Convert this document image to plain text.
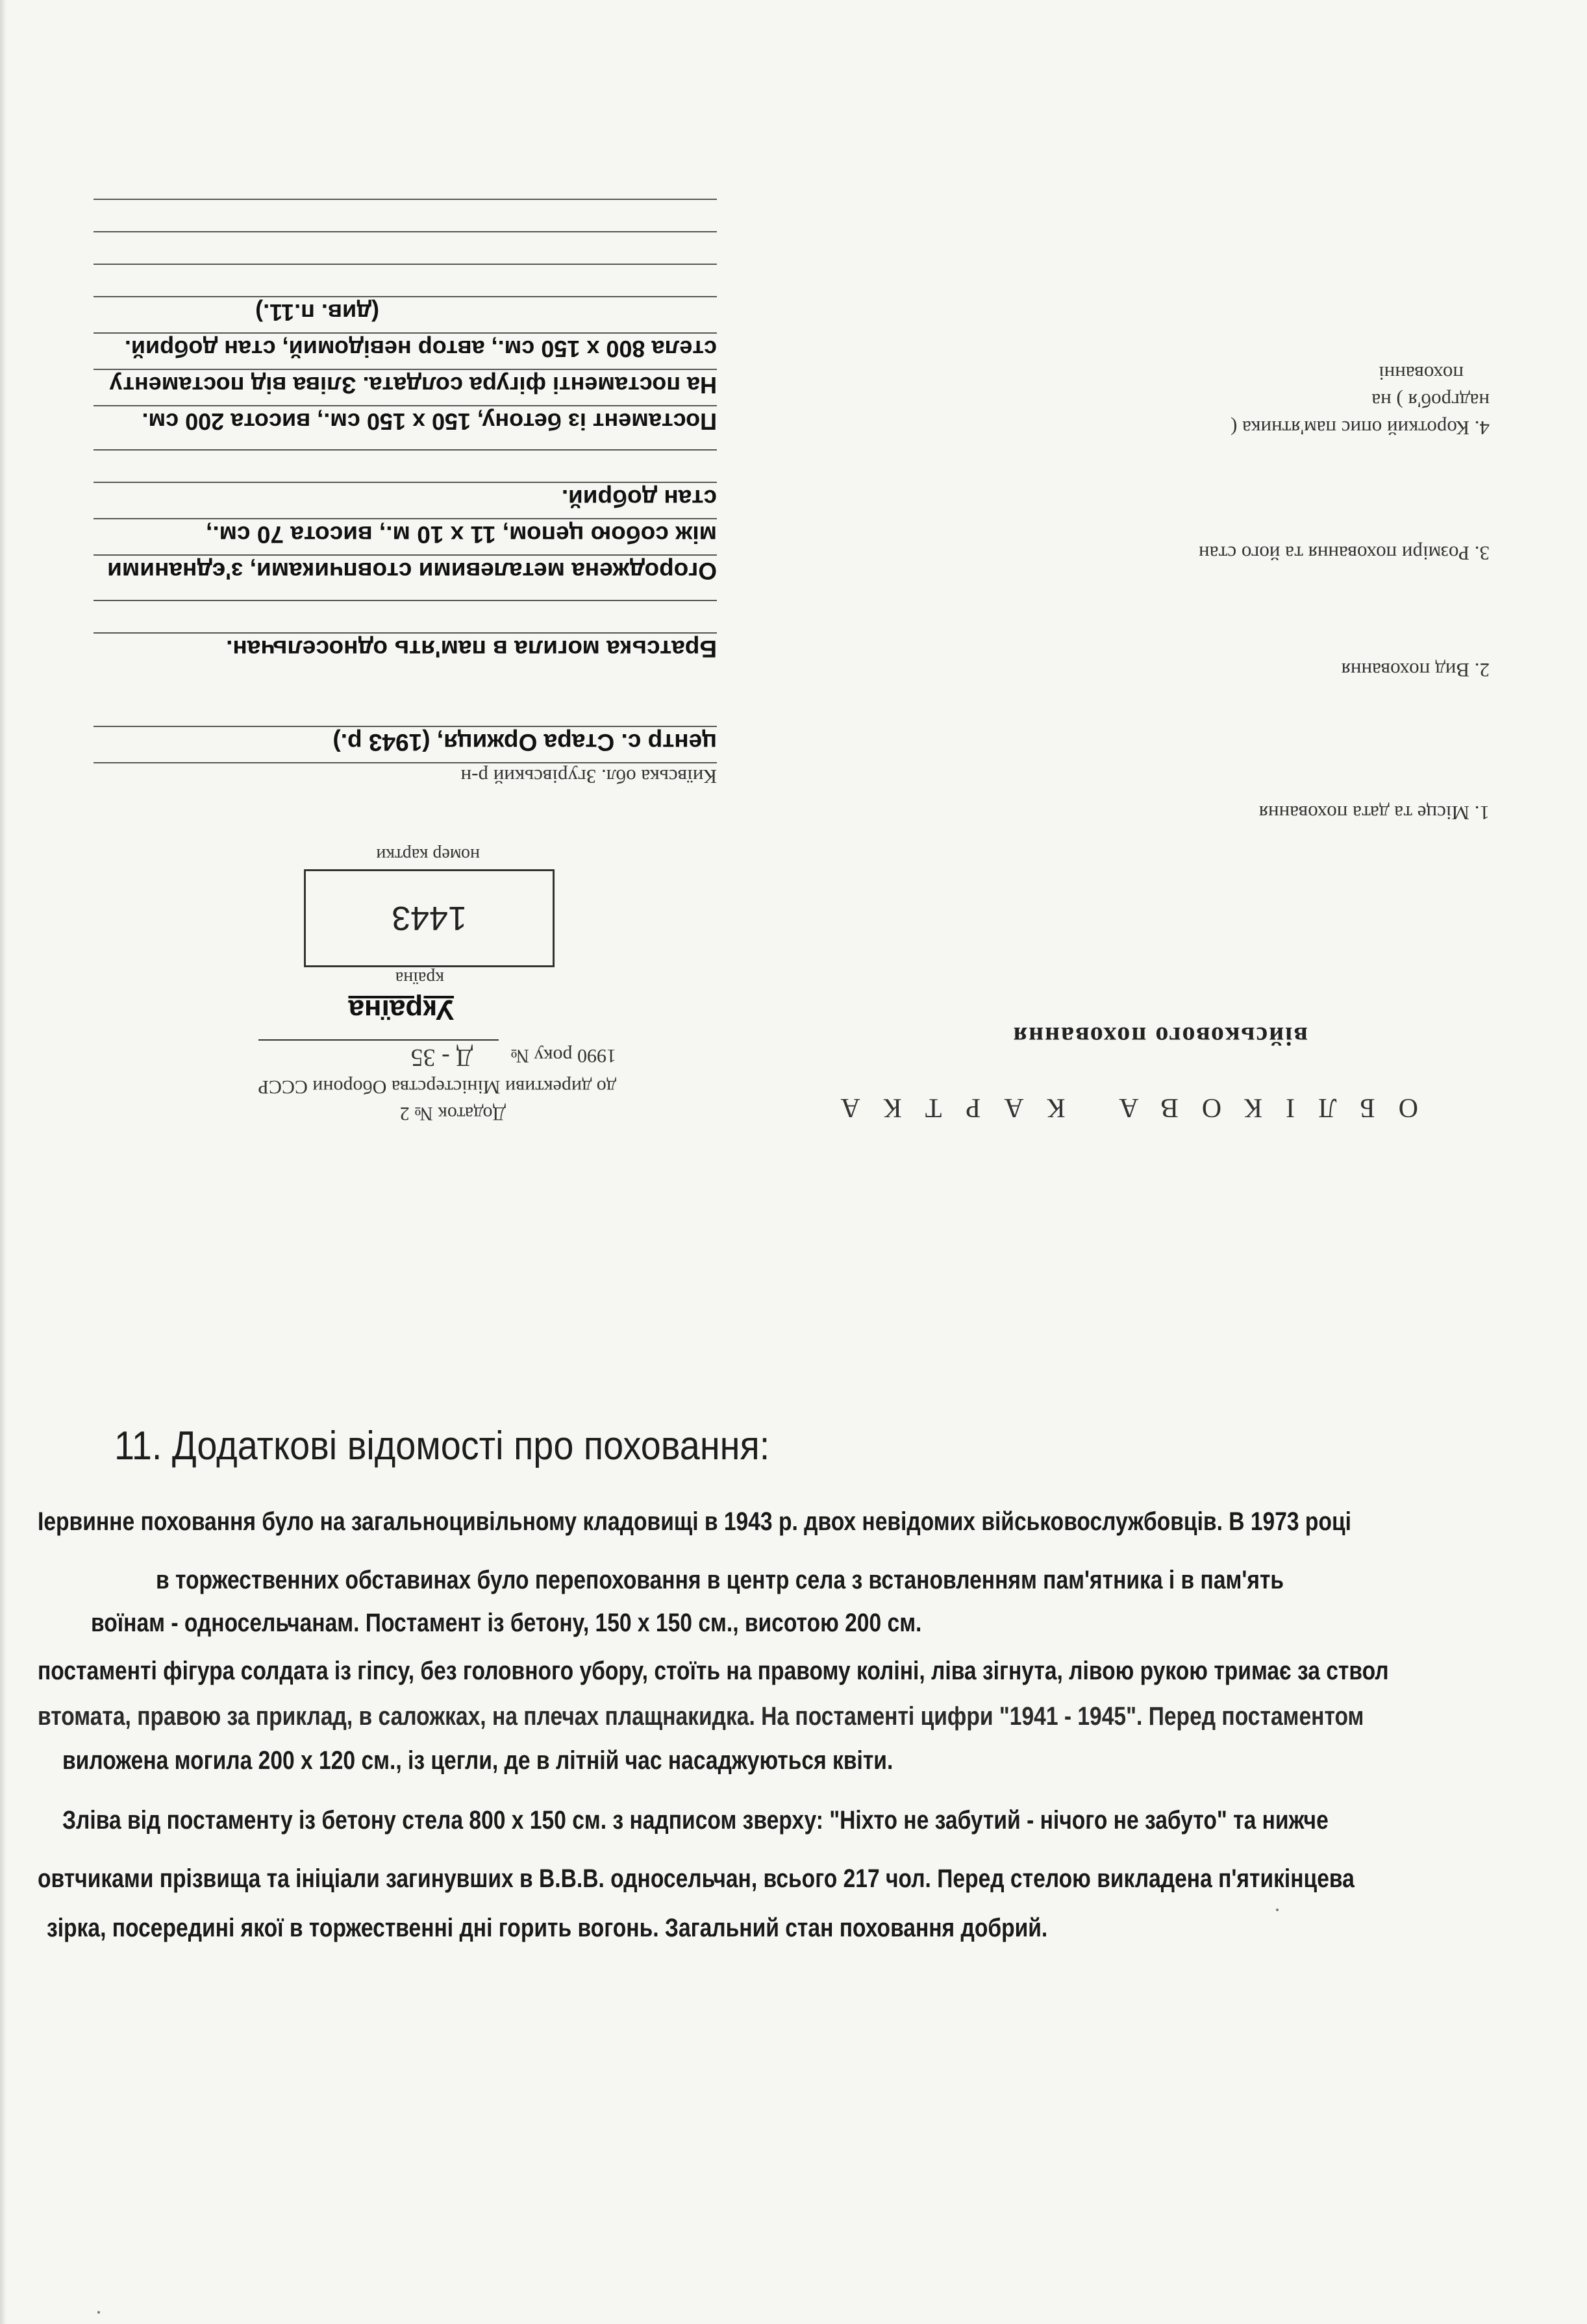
ОБЛІКОВА КАРТКА
військового поховання
Додаток № 2
до директиви Міністерства Оборони СССР
1990 року №
Д - 35
Україна
країна
1443
номер картки
1. Місце та дата поховання
Київська обл. Згурівський р-н
центр с. Стара Оржиця, (1943 р.)
2. Вид поховання
Братська могила в пам'ять односельчан.
3. Розміри поховання та його стан
Огороджена металевими стовпчиками, з'єднаними
між собою цепом, 11 х 10 м., висота 70 см.,
стан добрий.
4. Короткий опис пам'ятника ( надгроб'я ) на
похованні
Постамент із бетону, 150 х 150 см., висота 200 см.
На постаменті фігура солдата. Зліва від постаменту
стела 800 х 150 см., автор невідомий, стан добрий.
(див. п.11.)
11. Додаткові відомості про поховання:
Іервинне поховання було на загальноцивільному кладовищі в 1943 р. двох невідомих військовослужбовців. В 1973 році
в торжественних обставинах було перепоховання в центр села з встановленням пам'ятника і в пам'ять
воїнам - односельчанам. Постамент із бетону, 150 х 150 см., висотою 200 см.
постаменті фігура солдата із гіпсу, без головного убору, стоїть на правому коліні, ліва зігнута, лівою рукою тримає за ствол
втомата, правою за приклад, в саложках, на плечах плащнакидка. На постаменті цифри "1941 - 1945". Перед постаментом
виложена могила 200 х 120 см., із цегли, де в літній час насаджуються квіти.
Зліва від постаменту із бетону стела 800 х 150 см. з надписом зверху: "Ніхто не забутий - нічого не забуто" та нижче
овтчиками прізвища та ініціали загинувших в В.В.В. односельчан, всього 217 чол. Перед стелою викладена п'ятикінцева
зірка, посередині якої в торжественні дні горить вогонь. Загальний стан поховання добрий.
